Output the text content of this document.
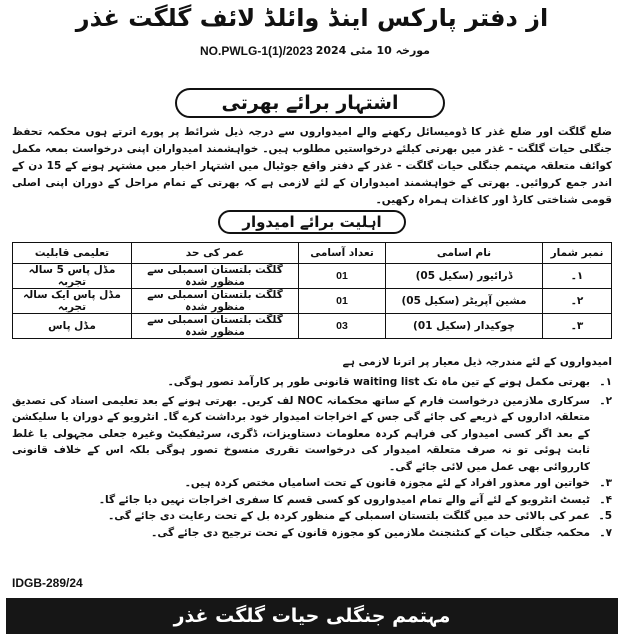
از دفتر پارکس اینڈ وائلڈ لائف گلگت غذر
NO.PWLG-1(1)/2023 مورخہ 10 مئی 2024
اشتہار برائے بھرتی
ضلع گلگت اور ضلع غذر کا ڈومیسائل رکھنے والے امیدواروں سے درجہ ذیل شرائط پر پورے اترتے ہوں محکمہ تحفظ جنگلی حیات گلگت - غذر میں بھرتی کیلئے درخواستیں مطلوب ہیں۔ خواہشمند امیدواران اپنی درخواست بمعہ مکمل کوائف متعلقہ مہتمم جنگلی حیات گلگت - غذر کے دفتر واقع جوٹیال میں اشتہار اخبار میں مشتہر ہونے کے 15 دن کے اندر جمع کروائیں۔ بھرتی کے خواہشمند امیدواران کے لئے لازمی ہے کہ بھرتی کے تمام مراحل کے دوران اپنی اصلی قومی شناختی کارڈ اور کاغذات ہمراہ رکھیں۔
اہلیت برائے امیدوار
نمبر شمار	نام اسامی	تعداد آسامی	عمر کی حد	تعلیمی قابلیت
۱۔	ڈرائیور (سکیل 05)	01	گلگت بلتستان اسمبلی سے منظور شدہ	مڈل پاس 5 سالہ تجربہ
۲۔	مشین آپریٹر (سکیل 05)	01	گلگت بلتستان اسمبلی سے منظور شدہ	مڈل پاس ایک سالہ تجربہ
۳۔	چوکیدار (سکیل 01)	03	گلگت بلتستان اسمبلی سے منظور شدہ	مڈل پاس
امیدواروں کے لئے مندرجہ ذیل معیار پر اترنا لازمی ہے
۱۔
بھرتی مکمل ہونے کے تین ماہ تک waiting list قانونی طور پر کارآمد تصور ہوگی۔
۲۔
سرکاری ملازمین درخواست فارم کے ساتھ محکمانہ NOC لف کریں۔ بھرتی ہونے کے بعد تعلیمی اسناد کی تصدیق متعلقہ اداروں کے ذریعے کی جائے گی جس کے اخراجات امیدوار خود برداشت کرے گا۔ انٹرویو کے دوران یا سلیکشن کے بعد اگر کسی امیدوار کی فراہم کردہ معلومات دستاویزات، ڈگری، سرٹیفکیٹ وغیرہ جعلی مجہولی یا غلط ثابت ہوئی تو نہ صرف متعلقہ امیدوار کی درخواست تقرری منسوخ تصور ہوگی بلکہ اس کے خلاف قانونی کارروائی بھی عمل میں لائی جائے گی۔
۳۔
خواتین اور معذور افراد کے لئے مجوزہ قانون کے تحت اسامیاں مختص کردہ ہیں۔
۴۔
ٹیسٹ انٹرویو کے لئے آنے والے تمام امیدواروں کو کسی قسم کا سفری اخراجات نہیں دیا جائے گا۔
5۔
عمر کی بالائی حد میں گلگت بلتستان اسمبلی کے منظور کردہ بل کے تحت رعایت دی جائے گی۔
۷۔
محکمہ جنگلی حیات کے کنٹنجنٹ ملازمین کو مجوزہ قانون کے تحت ترجیح دی جائے گی۔
IDGB-289/24
مہتمم جنگلی حیات گلگت غذر
